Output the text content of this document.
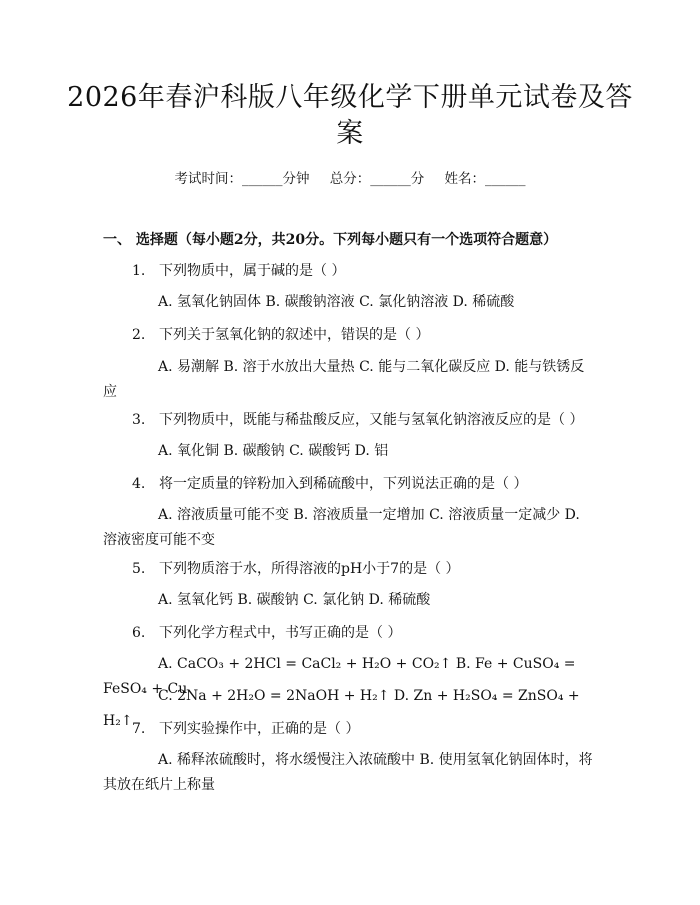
2026年春沪科版八年级化学下册单元试卷及答案
考试时间：______分钟 总分：______分 姓名：______
一、 选择题（每小题2分，共20分。下列每小题只有一个选项符合题意）
1. 下列物质中，属于碱的是（ ）
A. 氢氧化钠固体 B. 碳酸钠溶液 C. 氯化钠溶液 D. 稀硫酸
2. 下列关于氢氧化钠的叙述中，错误的是（ ）
A. 易潮解 B. 溶于水放出大量热 C. 能与二氧化碳反应 D. 能与铁锈反应
3. 下列物质中，既能与稀盐酸反应，又能与氢氧化钠溶液反应的是（ ）
A. 氧化铜 B. 碳酸钠 C. 碳酸钙 D. 铝
4. 将一定质量的锌粉加入到稀硫酸中，下列说法正确的是（ ）
A. 溶液质量可能不变 B. 溶液质量一定增加 C. 溶液质量一定减少 D. 溶液密度可能不变
5. 下列物质溶于水，所得溶液的pH小于7的是（ ）
A. 氢氧化钙 B. 碳酸钠 C. 氯化钠 D. 稀硫酸
6. 下列化学方程式中，书写正确的是（ ）
A. CaCO₃ + 2HCl = CaCl₂ + H₂O + CO₂↑ B. Fe + CuSO₄ = FeSO₄ + Cu
C. 2Na + 2H₂O = 2NaOH + H₂↑ D. Zn + H₂SO₄ = ZnSO₄ + H₂↑ 7. 下列实验操作中，正确的是（ ）
A. 稀释浓硫酸时，将水缓慢注入浓硫酸中 B. 使用氢氧化钠固体时，将其放在纸片上称量
